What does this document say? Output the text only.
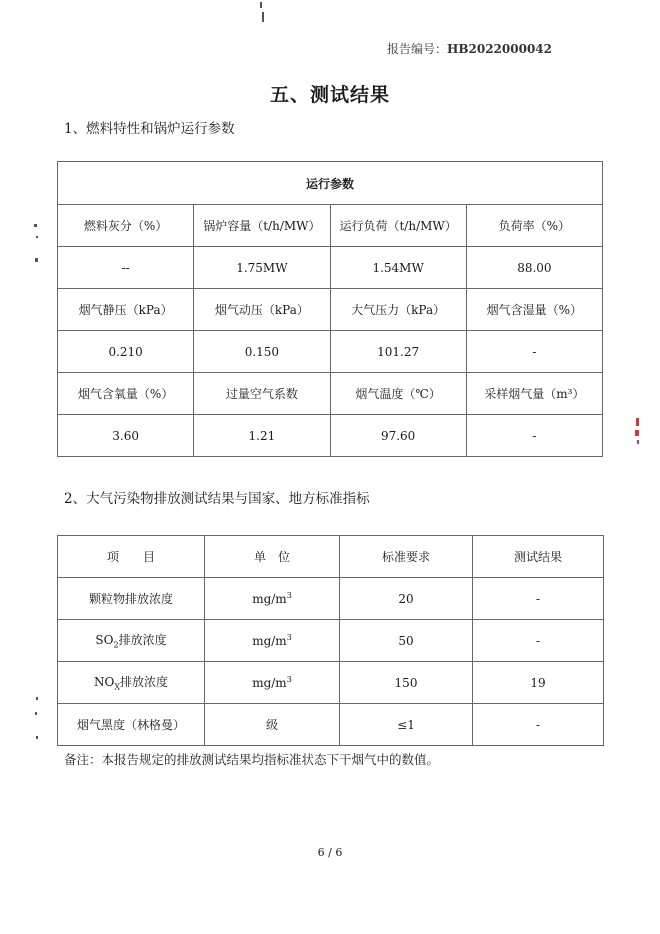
报告编号：HB2022000042
五、测试结果
1、燃料特性和锅炉运行参数
运行参数			
燃料灰分（%）	锅炉容量（t/h/MW）	运行负荷（t/h/MW）	负荷率（%）
--	1.75MW	1.54MW	88.00
烟气静压（kPa）	烟气动压（kPa）	大气压力（kPa）	烟气含湿量（%）
0.210	0.150	101.27	-
烟气含氧量（%）	过量空气系数	烟气温度（℃）	采样烟气量（m³）
3.60	1.21	97.60	-
2、大气污染物排放测试结果与国家、地方标准指标
项　　目	单　位	标准要求	测试结果
颗粒物排放浓度	$mg/m^3$	20	-
$SO_2$排放浓度	$mg/m^3$	50	-
$NO_X$排放浓度	$mg/m^3$	150	19
烟气黑度（林格曼）	级	≤1	-
备注：本报告规定的排放测试结果均指标准状态下干烟气中的数值。
6 / 6
